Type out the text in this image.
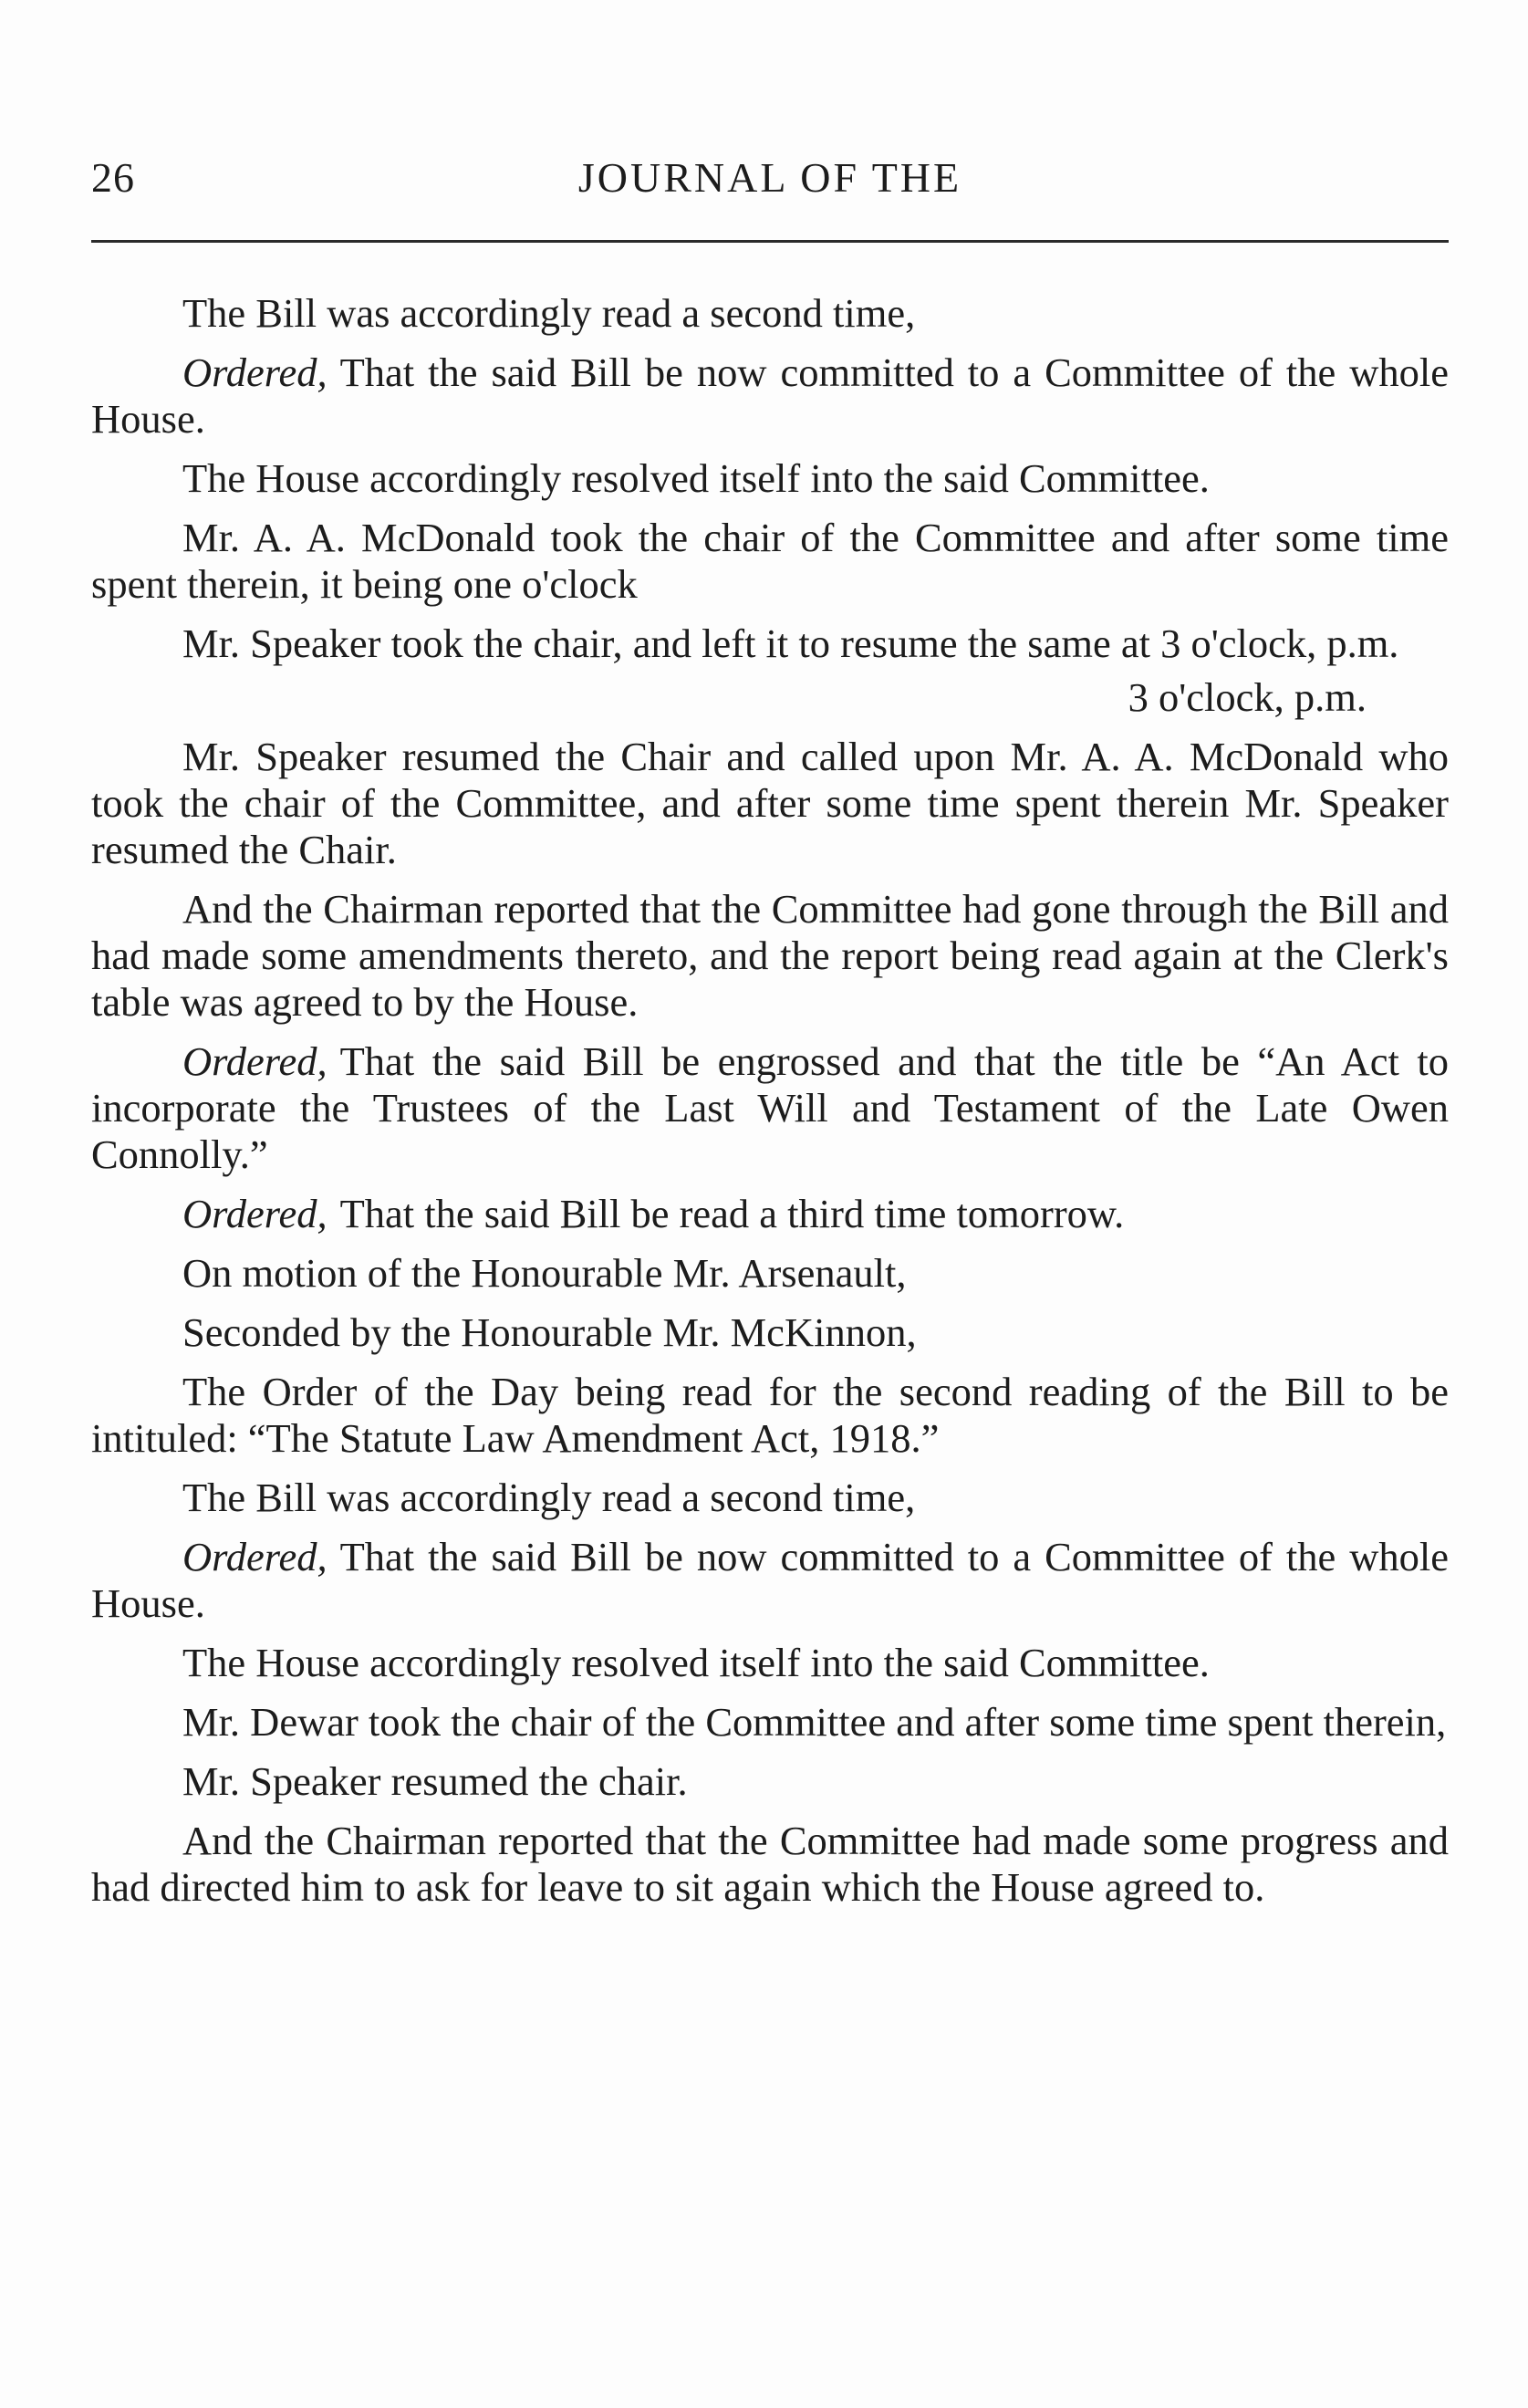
26	JOURNAL OF THE

The Bill was accordingly read a second time,

Ordered, That the said Bill be now committed to a Committee of the whole House.

The House accordingly resolved itself into the said Committee.

Mr. A. A. McDonald took the chair of the Committee and after some time spent therein, it being one o'clock

Mr. Speaker took the chair, and left it to resume the same at 3 o'clock, p.m.

3 o'clock, p.m.

Mr. Speaker resumed the Chair and called upon Mr. A. A. McDonald who took the chair of the Committee, and after some time spent therein Mr. Speaker resumed the Chair.

And the Chairman reported that the Committee had gone through the Bill and had made some amendments thereto, and the report being read again at the Clerk's table was agreed to by the House.

Ordered, That the said Bill be engrossed and that the title be “An Act to incorporate the Trustees of the Last Will and Testament of the Late Owen Connolly.”

Ordered, That the said Bill be read a third time tomorrow.

On motion of the Honourable Mr. Arsenault,

Seconded by the Honourable Mr. McKinnon,

The Order of the Day being read for the second reading of the Bill to be intituled: “The Statute Law Amendment Act, 1918.”

The Bill was accordingly read a second time,

Ordered, That the said Bill be now committed to a Committee of the whole House.

The House accordingly resolved itself into the said Committee.

Mr. Dewar took the chair of the Committee and after some time spent therein,

Mr. Speaker resumed the chair.

And the Chairman reported that the Committee had made some progress and had directed him to ask for leave to sit again which the House agreed to.
